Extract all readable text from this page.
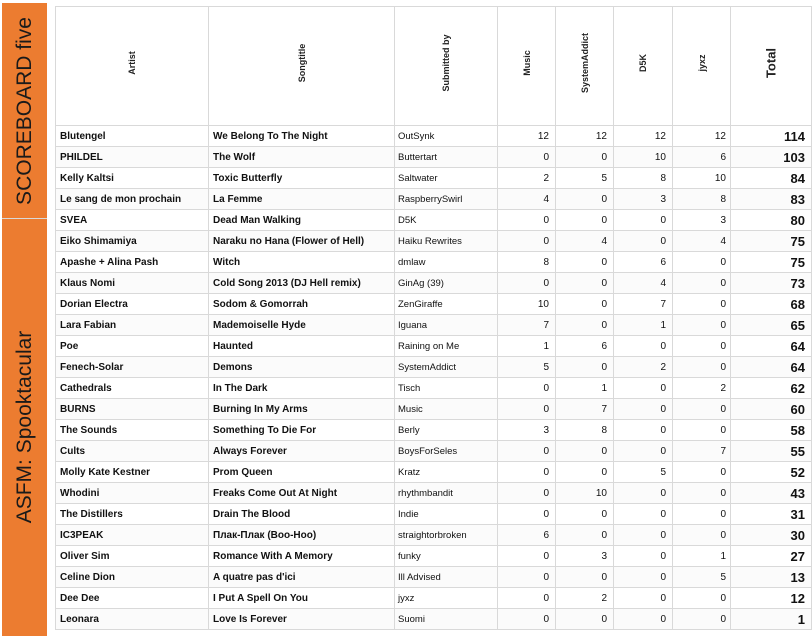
SCOREBOARD five
ASFM: Spooktacular
Artist	Songtitle	Submitted by	Music	SystemAddict	D5K	jyxz	Total

Blutengel	We Belong To The Night	OutSynk	12	12	12	12	114
PHILDEL	The Wolf	Buttertart	0	0	10	6	103
Kelly Kaltsi	Toxic Butterfly	Saltwater	2	5	8	10	84
Le sang de mon prochain	La Femme	RaspberrySwirl	4	0	3	8	83
SVEA	Dead Man Walking	D5K	0	0	0	3	80
Eiko Shimamiya	Naraku no Hana (Flower of Hell)	Haiku Rewrites	0	4	0	4	75
Apashe + Alina Pash	Witch	dmlaw	8	0	6	0	75
Klaus Nomi	Cold Song 2013 (DJ Hell remix)	GinAg (39)	0	0	4	0	73
Dorian Electra	Sodom & Gomorrah	ZenGiraffe	10	0	7	0	68
Lara Fabian	Mademoiselle Hyde	Iguana	7	0	1	0	65
Poe	Haunted	Raining on Me	1	6	0	0	64
Fenech-Solar	Demons	SystemAddict	5	0	2	0	64
Cathedrals	In The Dark	Tisch	0	1	0	2	62
BURNS	Burning In My Arms	Music	0	7	0	0	60
The Sounds	Something To Die For	Berly	3	8	0	0	58
Cults	Always Forever	BoysForSeles	0	0	0	7	55
Molly Kate Kestner	Prom Queen	Kratz	0	0	5	0	52
Whodini	Freaks Come Out At Night	rhythmbandit	0	10	0	0	43
The Distillers	Drain The Blood	Indie	0	0	0	0	31
IC3PEAK	Плак-Плак (Boo-Hoo)	straightorbroken	6	0	0	0	30
Oliver Sim	Romance With A Memory	funky	0	3	0	1	27
Celine Dion	A quatre pas d'ici	Ill Advised	0	0	0	5	13
Dee Dee	I Put A Spell On You	jyxz	0	2	0	0	12
Leonara	Love Is Forever	Suomi	0	0	0	0	1
